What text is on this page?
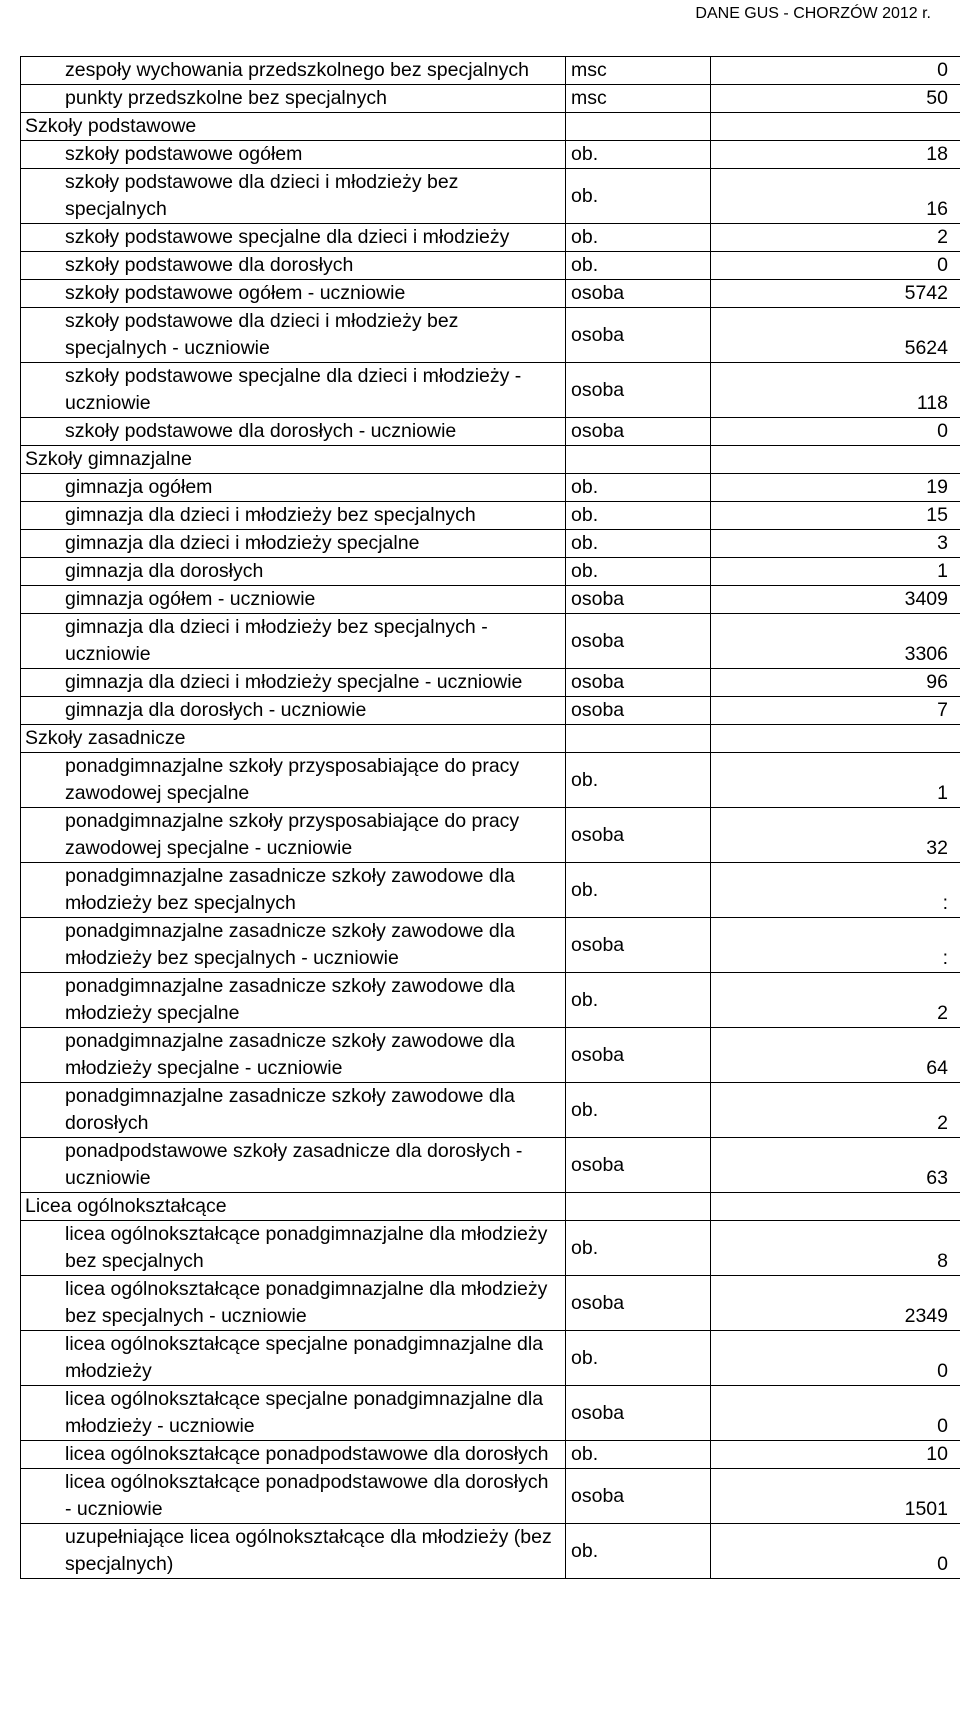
DANE GUS - CHORZÓW 2012 r.
zespoły wychowania przedszkolnego bez specjalnych	msc	0
punkty przedszkolne bez specjalnych	msc	50
Szkoły podstawowe		
szkoły podstawowe ogółem	ob.	18
szkoły podstawowe dla dzieci i młodzieży bez specjalnych	ob.	16
szkoły podstawowe specjalne dla dzieci i młodzieży	ob.	2
szkoły podstawowe dla dorosłych	ob.	0
szkoły podstawowe ogółem - uczniowie	osoba	5742
szkoły podstawowe dla dzieci i młodzieży bez specjalnych - uczniowie	osoba	5624
szkoły podstawowe specjalne dla dzieci i młodzieży - uczniowie	osoba	118
szkoły podstawowe dla dorosłych - uczniowie	osoba	0
Szkoły gimnazjalne		
gimnazja ogółem	ob.	19
gimnazja dla dzieci i młodzieży bez specjalnych	ob.	15
gimnazja dla dzieci i młodzieży specjalne	ob.	3
gimnazja dla dorosłych	ob.	1
gimnazja ogółem - uczniowie	osoba	3409
gimnazja dla dzieci i młodzieży bez specjalnych - uczniowie	osoba	3306
gimnazja dla dzieci i młodzieży specjalne - uczniowie	osoba	96
gimnazja dla dorosłych - uczniowie	osoba	7
Szkoły zasadnicze		
ponadgimnazjalne szkoły przysposabiające do pracy zawodowej specjalne	ob.	1
ponadgimnazjalne szkoły przysposabiające do pracy zawodowej specjalne - uczniowie	osoba	32
ponadgimnazjalne zasadnicze szkoły zawodowe dla młodzieży bez specjalnych	ob.	:
ponadgimnazjalne zasadnicze szkoły zawodowe dla młodzieży bez specjalnych - uczniowie	osoba	:
ponadgimnazjalne zasadnicze szkoły zawodowe dla młodzieży specjalne	ob.	2
ponadgimnazjalne zasadnicze szkoły zawodowe dla młodzieży specjalne - uczniowie	osoba	64
ponadgimnazjalne zasadnicze szkoły zawodowe dla dorosłych	ob.	2
ponadpodstawowe szkoły zasadnicze dla dorosłych - uczniowie	osoba	63
Licea ogólnokształcące		
licea ogólnokształcące ponadgimnazjalne dla młodzieży bez specjalnych	ob.	8
licea ogólnokształcące ponadgimnazjalne dla młodzieży bez specjalnych - uczniowie	osoba	2349
licea ogólnokształcące specjalne ponadgimnazjalne dla młodzieży	ob.	0
licea ogólnokształcące specjalne ponadgimnazjalne dla młodzieży - uczniowie	osoba	0
licea ogólnokształcące ponadpodstawowe dla dorosłych	ob.	10
licea ogólnokształcące ponadpodstawowe dla dorosłych - uczniowie	osoba	1501
uzupełniające licea ogólnokształcące dla młodzieży (bez specjalnych)	ob.	0
